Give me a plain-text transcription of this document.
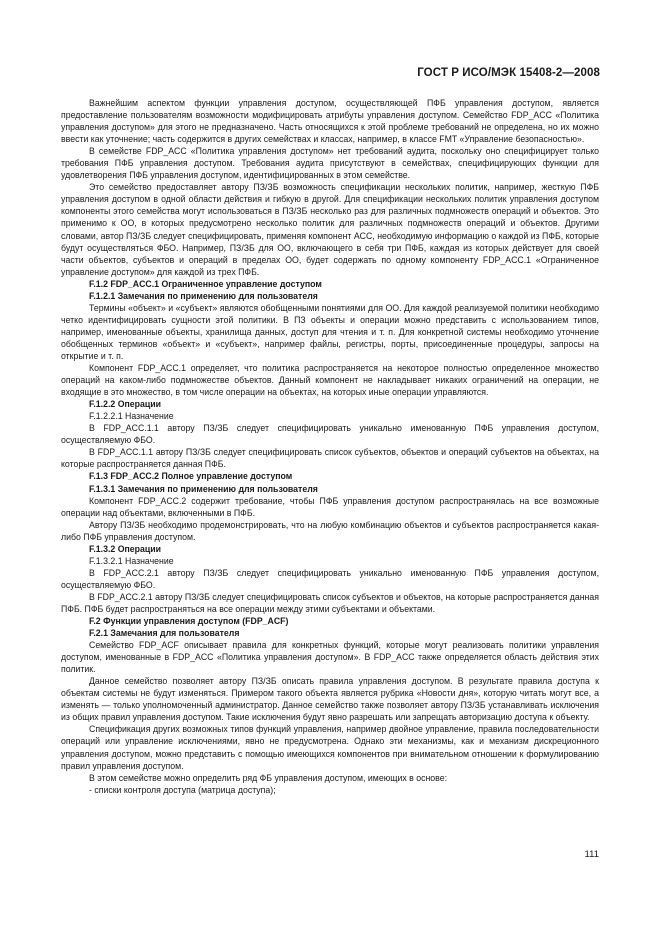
ГОСТ Р ИСО/МЭК 15408-2—2008

Важнейшим аспектом функции управления доступом, осуществляющей ПФБ управления доступом, является предоставление пользователям возможности модифицировать атрибуты управления доступом. Семейство FDP_ACC «Политика управления доступом» для этого не предназначено. Часть относящихся к этой проблеме требований не определена, но их можно ввести как уточнение; часть содержится в других семействах и классах, например, в классе FMT «Управление безопасностью».

В семействе FDP_ACC «Политика управления доступом» нет требований аудита, поскольку оно специфицирует только требования ПФБ управления доступом. Требования аудита присутствуют в семействах, специфицирующих функции для удовлетворения ПФБ управления доступом, идентифицированных в этом семействе.

Это семейство предоставляет автору ПЗ/ЗБ возможность спецификации нескольких политик, например, жесткую ПФБ управления доступом в одной области действия и гибкую в другой. Для спецификации нескольких политик управления доступом компоненты этого семейства могут использоваться в ПЗ/ЗБ несколько раз для различных подмножеств операций и объектов. Это применимо к ОО, в которых предусмотрено несколько политик для различных подмножеств операций и объектов. Другими словами, автор ПЗ/ЗБ следует специфицировать, применяя компонент ACC, необходимую информацию о каждой из ПФБ, которые будут осуществляться ФБО. Например, ПЗ/ЗБ для ОО, включающего в себя три ПФБ, каждая из которых действует для своей части объектов, субъектов и операций в пределах ОО, будет содержать по одному компоненту FDP_ACC.1 «Ограниченное управление доступом» для каждой из трех ПФБ.

F.1.2 FDP_ACC.1 Ограниченное управление доступом

F.1.2.1 Замечания по применению для пользователя

Термины «объект» и «субъект» являются обобщенными понятиями для ОО. Для каждой реализуемой политики необходимо четко идентифицировать сущности этой политики. В ПЗ объекты и операции можно представить с использованием типов, например, именованные объекты, хранилища данных, доступ для чтения и т. п. Для конкретной системы необходимо уточнение обобщенных терминов «объект» и «субъект», например файлы, регистры, порты, присоединенные процедуры, запросы на открытие и т. п.

Компонент FDP_ACC.1 определяет, что политика распространяется на некоторое полностью определенное множество операций на каком-либо подмножестве объектов. Данный компонент не накладывает никаких ограничений на операции, не входящие в это множество, в том числе операции на объектах, на которых иные операции управляются.

F.1.2.2 Операции

F.1.2.2.1 Назначение

В FDP_ACC.1.1 автору ПЗ/ЗБ следует специфицировать уникально именованную ПФБ управления доступом, осуществляемую ФБО.

В FDP_ACC.1.1 автору ПЗ/ЗБ следует специфицировать список субъектов, объектов и операций субъектов на объектах, на которые распространяется данная ПФБ.

F.1.3 FDP_ACC.2 Полное управление доступом

F.1.3.1 Замечания по применению для пользователя

Компонент FDP_ACC.2 содержит требование, чтобы ПФБ управления доступом распространялась на все возможные операции над объектами, включенными в ПФБ.

Автору ПЗ/ЗБ необходимо продемонстрировать, что на любую комбинацию объектов и субъектов распространяется какая-либо ПФБ управления доступом.

F.1.3.2 Операции

F.1.3.2.1 Назначение

В FDP_ACC.2.1 автору ПЗ/ЗБ следует специфицировать уникально именованную ПФБ управления доступом, осуществляемую ФБО.

В FDP_ACC.2.1 автору ПЗ/ЗБ следует специфицировать список субъектов и объектов, на которые распространяется данная ПФБ. ПФБ будет распространяться на все операции между этими субъектами и объектами.

F.2 Функции управления доступом (FDP_ACF)

F.2.1 Замечания для пользователя

Семейство FDP_ACF описывает правила для конкретных функций, которые могут реализовать политики управления доступом, именованные в FDP_ACC «Политика управления доступом». В FDP_ACC также определяется область действия этих политик.

Данное семейство позволяет автору ПЗ/ЗБ описать правила управления доступом. В результате правила доступа к объектам системы не будут изменяться. Примером такого объекта является рубрика «Новости дня», которую читать могут все, а изменять — только уполномоченный администратор. Данное семейство также позволяет автору ПЗ/ЗБ устанавливать исключения из общих правил управления доступом. Такие исключения будут явно разрешать или запрещать авторизацию доступа к объекту.

Спецификация других возможных типов функций управления, например двойное управление, правила последовательности операций или управление исключениями, явно не предусмотрена. Однако эти механизмы, как и механизм дискреционного управления доступом, можно представить с помощью имеющихся компонентов при внимательном отношении к формулированию правил управления доступом.

В этом семействе можно определить ряд ФБ управления доступом, имеющих в основе:

- списки контроля доступа (матрица доступа);

111
